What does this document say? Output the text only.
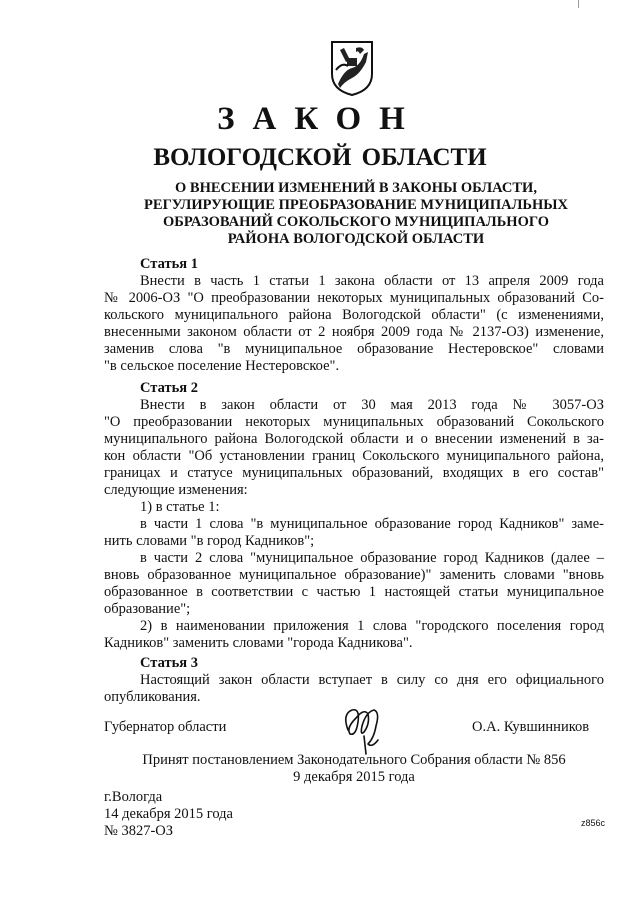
ЗАКОН
ВОЛОГОДСКОЙ ОБЛАСТИ
О ВНЕСЕНИИ ИЗМЕНЕНИЙ В ЗАКОНЫ ОБЛАСТИ,
РЕГУЛИРУЮЩИЕ ПРЕОБРАЗОВАНИЕ МУНИЦИПАЛЬНЫХ
ОБРАЗОВАНИЙ СОКОЛЬСКОГО МУНИЦИПАЛЬНОГО
РАЙОНА ВОЛОГОДСКОЙ ОБЛАСТИ
Статья 1
Внести в часть 1 статьи 1 закона области от 13 апреля 2009 года
№ 2006-ОЗ "О преобразовании некоторых муниципальных образований Со-
кольского муниципального района Вологодской области" (с изменениями,
внесенными законом области от 2 ноября 2009 года № 2137-ОЗ) изменение,
заменив слова "в муниципальное образование Нестеровское" словами
"в сельское поселение Нестеровское".
Статья 2
Внести в закон области от 30 мая 2013 года № 3057-ОЗ
"О преобразовании некоторых муниципальных образований Сокольского
муниципального района Вологодской области и о внесении изменений в за-
кон области "Об установлении границ Сокольского муниципального района,
границах и статусе муниципальных образований, входящих в его состав"
следующие изменения:
1) в статье 1:
в части 1 слова "в муниципальное образование город Кадников" заме-
нить словами "в город Кадников";
в части 2 слова "муниципальное образование город Кадников (далее –
вновь образованное муниципальное образование)" заменить словами "вновь
образованное в соответствии с частью 1 настоящей статьи муниципальное
образование";
2) в наименовании приложения 1 слова "городского поселения город
Кадников" заменить словами "города Кадникова".
Статья 3
Настоящий закон области вступает в силу со дня его официального
опубликования.
Губернатор области	О.А. Кувшинников
Принят постановлением Законодательного Собрания области № 856
9 декабря 2015 года
г.Вологда
14 декабря 2015 года
№ 3827-ОЗ	z856c
